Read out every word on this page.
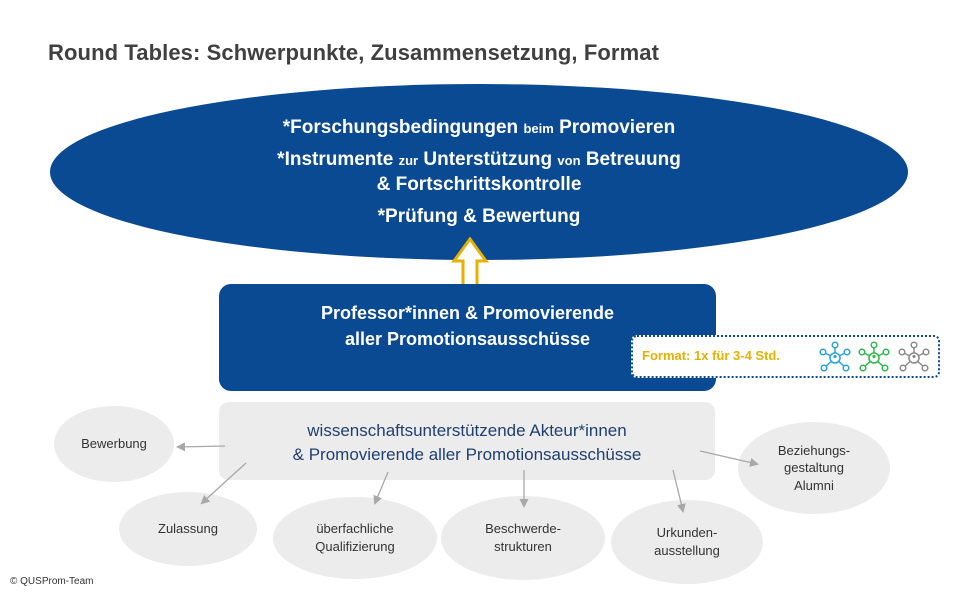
Round Tables: Schwerpunkte, Zusammensetzung, Format
*Forschungsbedingungen beim Promovieren
*Instrumente zur Unterstützung von Betreuung
& Fortschrittskontrolle
*Prüfung & Bewertung
Professor*innen & Promovierende
aller Promotionsausschüsse
Format: 1x für 3-4 Std.
wissenschaftsunterstützende Akteur*innen
& Promovierende aller Promotionsausschüsse
Bewerbung
Zulassung	überfachliche
Qualifizierung
Beschwerde-
strukturen
Urkunden-
ausstellung
Beziehungs-
gestaltung
Alumni
© QUSProm-Team
